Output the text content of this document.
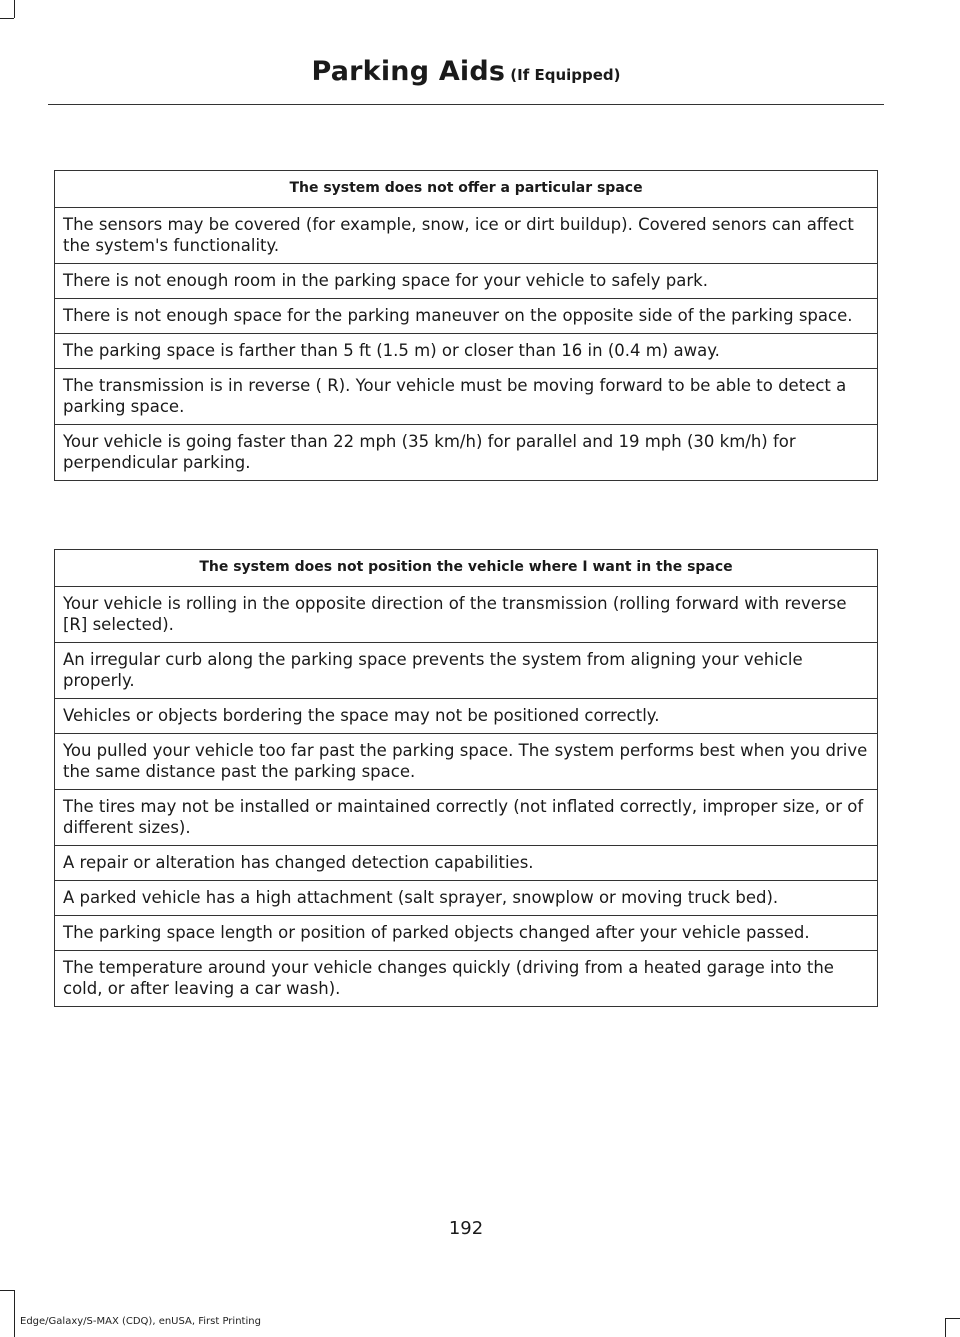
Parking Aids (If Equipped)
The system does not offer a particular space
The sensors may be covered (for example, snow, ice or dirt buildup). Covered senors can affect the system's functionality.
There is not enough room in the parking space for your vehicle to safely park.
There is not enough space for the parking maneuver on the opposite side of the parking space.
The parking space is farther than 5 ft (1.5 m) or closer than 16 in (0.4 m) away.
The transmission is in reverse ( R). Your vehicle must be moving forward to be able to detect a parking space.
Your vehicle is going faster than 22 mph (35 km/h) for parallel and 19 mph (30 km/h) for perpendicular parking.
The system does not position the vehicle where I want in the space
Your vehicle is rolling in the opposite direction of the transmission (rolling forward with reverse [R] selected).
An irregular curb along the parking space prevents the system from aligning your vehicle properly.
Vehicles or objects bordering the space may not be positioned correctly.
You pulled your vehicle too far past the parking space. The system performs best when you drive the same distance past the parking space.
The tires may not be installed or maintained correctly (not inflated correctly, improper size, or of different sizes).
A repair or alteration has changed detection capabilities.
A parked vehicle has a high attachment (salt sprayer, snowplow or moving truck bed).
The parking space length or position of parked objects changed after your vehicle passed.
The temperature around your vehicle changes quickly (driving from a heated garage into the cold, or after leaving a car wash).
192
Edge/Galaxy/S-MAX (CDQ), enUSA, First Printing
